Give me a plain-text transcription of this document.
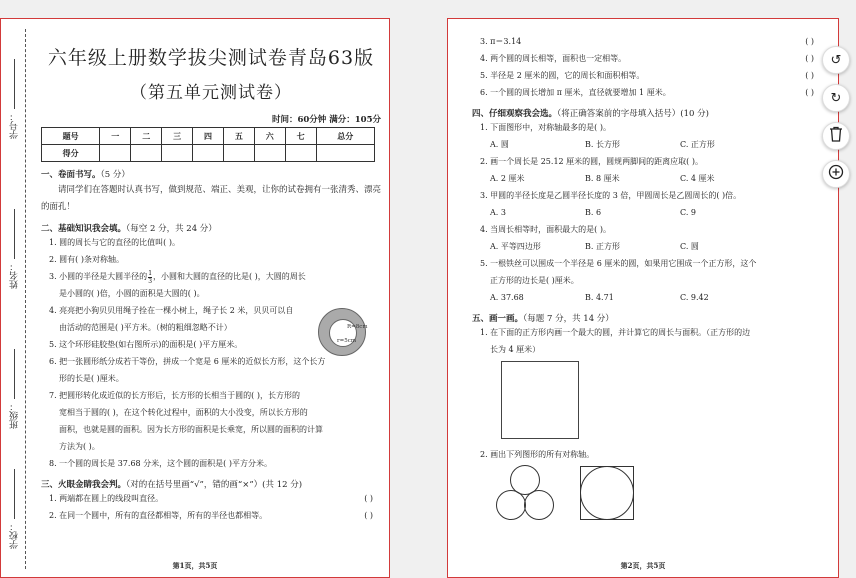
学号：
姓名：
班级：
学校：
六年级上册数学拔尖测试卷青岛63版
（第五单元测试卷）
时间：60分钟 满分：105分
题号	一	二	三	四	五	六	七	总分
得分								
一、卷面书写。（5 分）
请同学们在答题时认真书写，做到规范、端正、美观，让你的试卷拥有一张清秀、漂亮的面孔！
二、基础知识我会填。（每空 2 分，共 24 分）
1. 圆的周长与它的直径的比值叫( )。
2. 圆有( )条对称轴。
3. 小圆的半径是大圆半径的 $\frac{1}{3}$，小圆和大圆的直径的比是( )，大圆的周长
是小圆的( )倍，小圆的面积是大圆的( )。
4. 亮亮把小狗贝贝用绳子拴在一棵小树上，绳子长 2 米，贝贝可以自
由活动的范围是( )平方米。（树的粗细忽略不计）
5. 这个环形硅胶垫(如右图所示)的面积是( )平方厘米。
6. 把一张圆形纸分成若干等份，拼成一个宽是 6 厘米的近似长方形，这个长方
形的长是( )厘米。
7. 把圆形转化成近似的长方形后，长方形的长相当于圆的( )，长方形的
宽相当于圆的( )，在这个转化过程中，面积的大小没变，所以长方形的
面积，也就是圆的面积。因为长方形的面积是长乘宽，所以圆的面积的计算
方法为( )。
8. 一个圆的周长是 37.68 分米，这个圆的面积是( )平方分米。
三、火眼金睛我会判。（对的在括号里画“√”，错的画“×”）(共 12 分)
1. 两端都在圆上的线段叫直径。	( )
2. 在同一个圆中，所有的直径都相等，所有的半径也都相等。	( )
第1页，共5页
R=8cm
r=5cm
3. π＝3.14	( )
4. 两个圆的周长相等，面积也一定相等。	( )
5. 半径是 2 厘米的圆，它的周长和面积相等。	( )
6. 一个圆的周长增加 π 厘米，直径就要增加 1 厘米。	( )
四、仔细观察我会选。（将正确答案前的字母填入括号）(10 分)
1. 下面图形中，对称轴最多的是( )。
A. 圆	B. 长方形	C. 正方形
2. 画一个周长是 25.12 厘米的圆，圆规两脚间的距离应取( )。
A. 2 厘米	B. 8 厘米	C. 4 厘米
3. 甲圆的半径长度是乙圆半径长度的 3 倍，甲圆周长是乙圆周长的( )倍。
A. 3	B. 6	C. 9
4. 当周长相等时，面积最大的是( )。
A. 平等四边形	B. 正方形	C. 圆
5. 一根铁丝可以围成一个半径是 6 厘米的圆，如果用它围成一个正方形，这个
正方形的边长是( )厘米。
A. 37.68	B. 4.71	C. 9.42
五、画一画。（每题 7 分，共 14 分）
1. 在下面的正方形内画一个最大的圆，并计算它的周长与面积。（正方形的边
长为 4 厘米）
2. 画出下列图形的所有对称轴。
第2页，共5页
↺
↻
